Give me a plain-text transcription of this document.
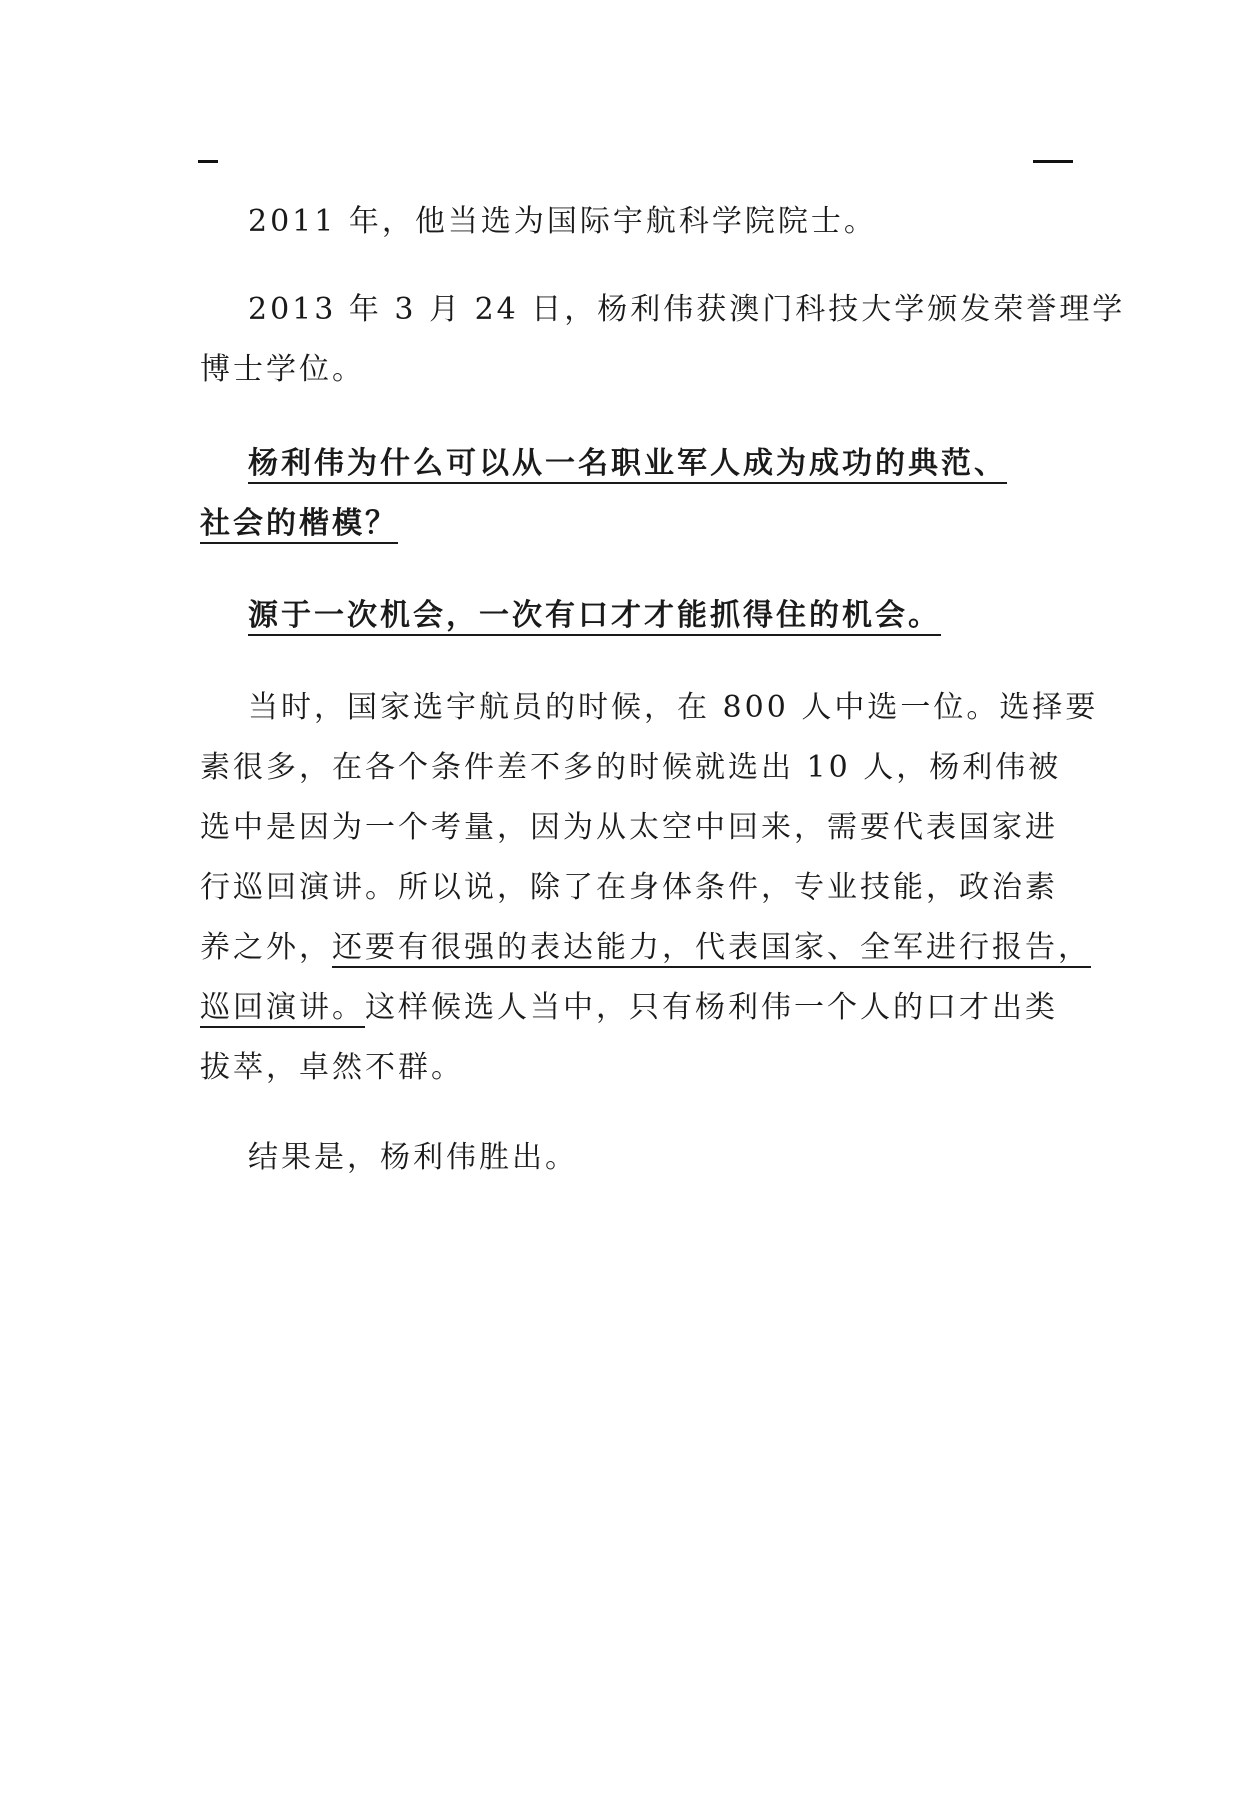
2011 年，他当选为国际宇航科学院院士。
2013 年 3 月 24 日，杨利伟获澳门科技大学颁发荣誉理学
博士学位。
杨利伟为什么可以从一名职业军人成为成功的典范、
社会的楷模？
源于一次机会，一次有口才才能抓得住的机会。
当时，国家选宇航员的时候，在 800 人中选一位。选择要
素很多，在各个条件差不多的时候就选出 10 人，杨利伟被
选中是因为一个考量，因为从太空中回来，需要代表国家进
行巡回演讲。所以说，除了在身体条件，专业技能，政治素
养之外，还要有很强的表达能力，代表国家、全军进行报告，
巡回演讲。这样候选人当中，只有杨利伟一个人的口才出类
拔萃，卓然不群。
结果是，杨利伟胜出。
